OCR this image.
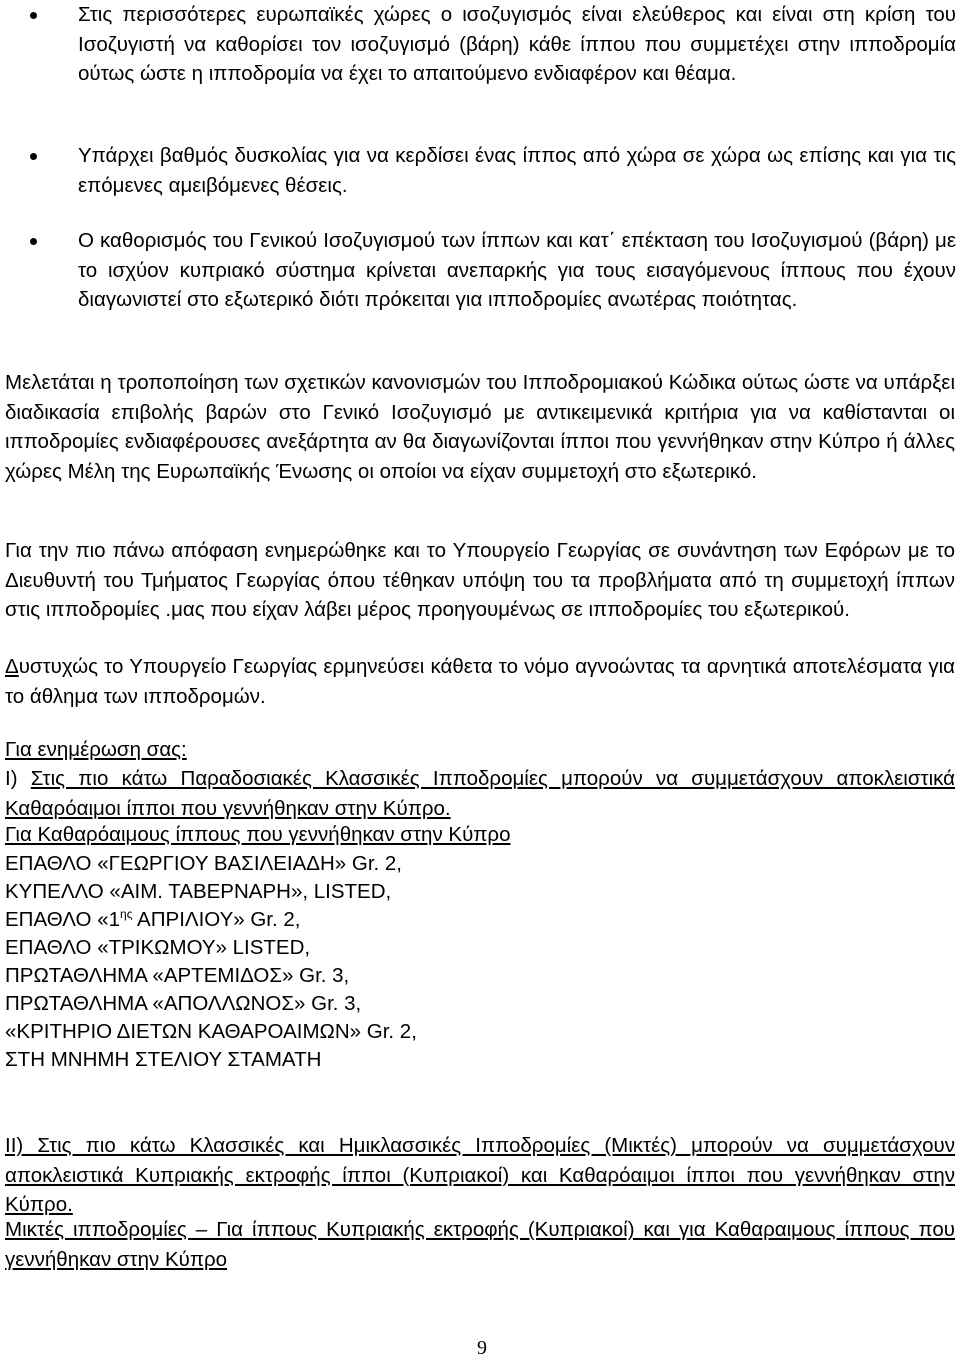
Στις περισσότερες ευρωπαϊκές χώρες ο ισοζυγισμός είναι ελεύθερος και είναι στη κρίση του Ισοζυγιστή να καθορίσει τον ισοζυγισμό (βάρη) κάθε ίππου που συμμετέχει στην ιπποδρομία ούτως ώστε η ιπποδρομία να έχει το απαιτούμενο ενδιαφέρον και θέαμα.
Υπάρχει βαθμός δυσκολίας για να κερδίσει ένας ίππος από χώρα σε χώρα ως επίσης και για τις επόμενες αμειβόμενες θέσεις.
Ο καθορισμός του Γενικού Ισοζυγισμού των ίππων και κατ΄ επέκταση του Ισοζυγισμού (βάρη) με το ισχύον κυπριακό σύστημα κρίνεται ανεπαρκής για τους εισαγόμενους ίππους που έχουν διαγωνιστεί στο εξωτερικό διότι πρόκειται για ιπποδρομίες ανωτέρας ποιότητας.
Μελετάται η τροποποίηση των σχετικών κανονισμών του Ιπποδρομιακού Κώδικα ούτως ώστε να υπάρξει διαδικασία επιβολής βαρών στο Γενικό Ισοζυγισμό με αντικειμενικά κριτήρια για να καθίστανται οι ιπποδρομίες ενδιαφέρουσες ανεξάρτητα αν θα διαγωνίζονται ίπποι που γεννήθηκαν στην Κύπρο ή άλλες χώρες Μέλη της Ευρωπαϊκής Ένωσης οι οποίοι να είχαν συμμετοχή στο εξωτερικό.
Για την πιο πάνω απόφαση ενημερώθηκε και το Υπουργείο Γεωργίας σε συνάντηση των Εφόρων με το Διευθυντή του Τμήματος Γεωργίας όπου τέθηκαν υπόψη του τα προβλήματα από τη συμμετοχή ίππων στις ιπποδρομίες .μας που είχαν λάβει μέρος προηγουμένως σε ιπποδρομίες του εξωτερικού.
Δυστυχώς το Υπουργείο Γεωργίας ερμηνεύσει κάθετα το νόμο αγνοώντας τα αρνητικά αποτελέσματα για το άθλημα των ιπποδρομών.
Για ενημέρωση σας:
Ι) Στις πιο κάτω Παραδοσιακές Κλασσικές Ιπποδρομίες μπορούν να συμμετάσχουν αποκλειστικά Καθαρόαιμοι ίπποι που γεννήθηκαν στην Κύπρο.
Για Καθαρόαιμους ίππους που γεννήθηκαν στην Κύπρο
ΕΠΑΘΛΟ «ΓΕΩΡΓΙΟΥ ΒΑΣΙΛΕΙΑΔΗ» Gr. 2,
ΚΥΠΕΛΛΟ «ΑΙΜ. ΤΑΒΕΡΝΑΡΗ», LISTED,
ΕΠΑΘΛΟ «$1^{\eta\varsigma}$ ΑΠΡΙΛΙΟΥ» Gr. 2,
ΕΠΑΘΛΟ «ΤΡΙΚΩΜΟΥ» LISTED,
ΠΡΩΤΑΘΛΗΜΑ «ΑΡΤΕΜΙΔΟΣ» Gr. 3,
ΠΡΩΤΑΘΛΗΜΑ «ΑΠΟΛΛΩΝΟΣ» Gr. 3,
«ΚΡΙΤΗΡΙΟ ΔΙΕΤΩΝ ΚΑΘΑΡΟΑΙΜΩΝ» Gr. 2,
ΣΤΗ ΜΝΗΜΗ ΣΤΕΛΙΟΥ ΣΤΑΜΑΤΗ
ΙΙ) Στις πιο κάτω Κλασσικές και Ημικλασσικές Ιπποδρομίες (Μικτές) μπορούν να συμμετάσχουν αποκλειστικά Κυπριακής εκτροφής ίπποι (Κυπριακοί) και Καθαρόαιμοι ίπποι που γεννήθηκαν στην Κύπρο.
Μικτές ιπποδρομίες – Για ίππους Κυπριακής εκτροφής (Κυπριακοί) και για Καθαραιμους ίππους που γεννήθηκαν στην Κύπρο
9
